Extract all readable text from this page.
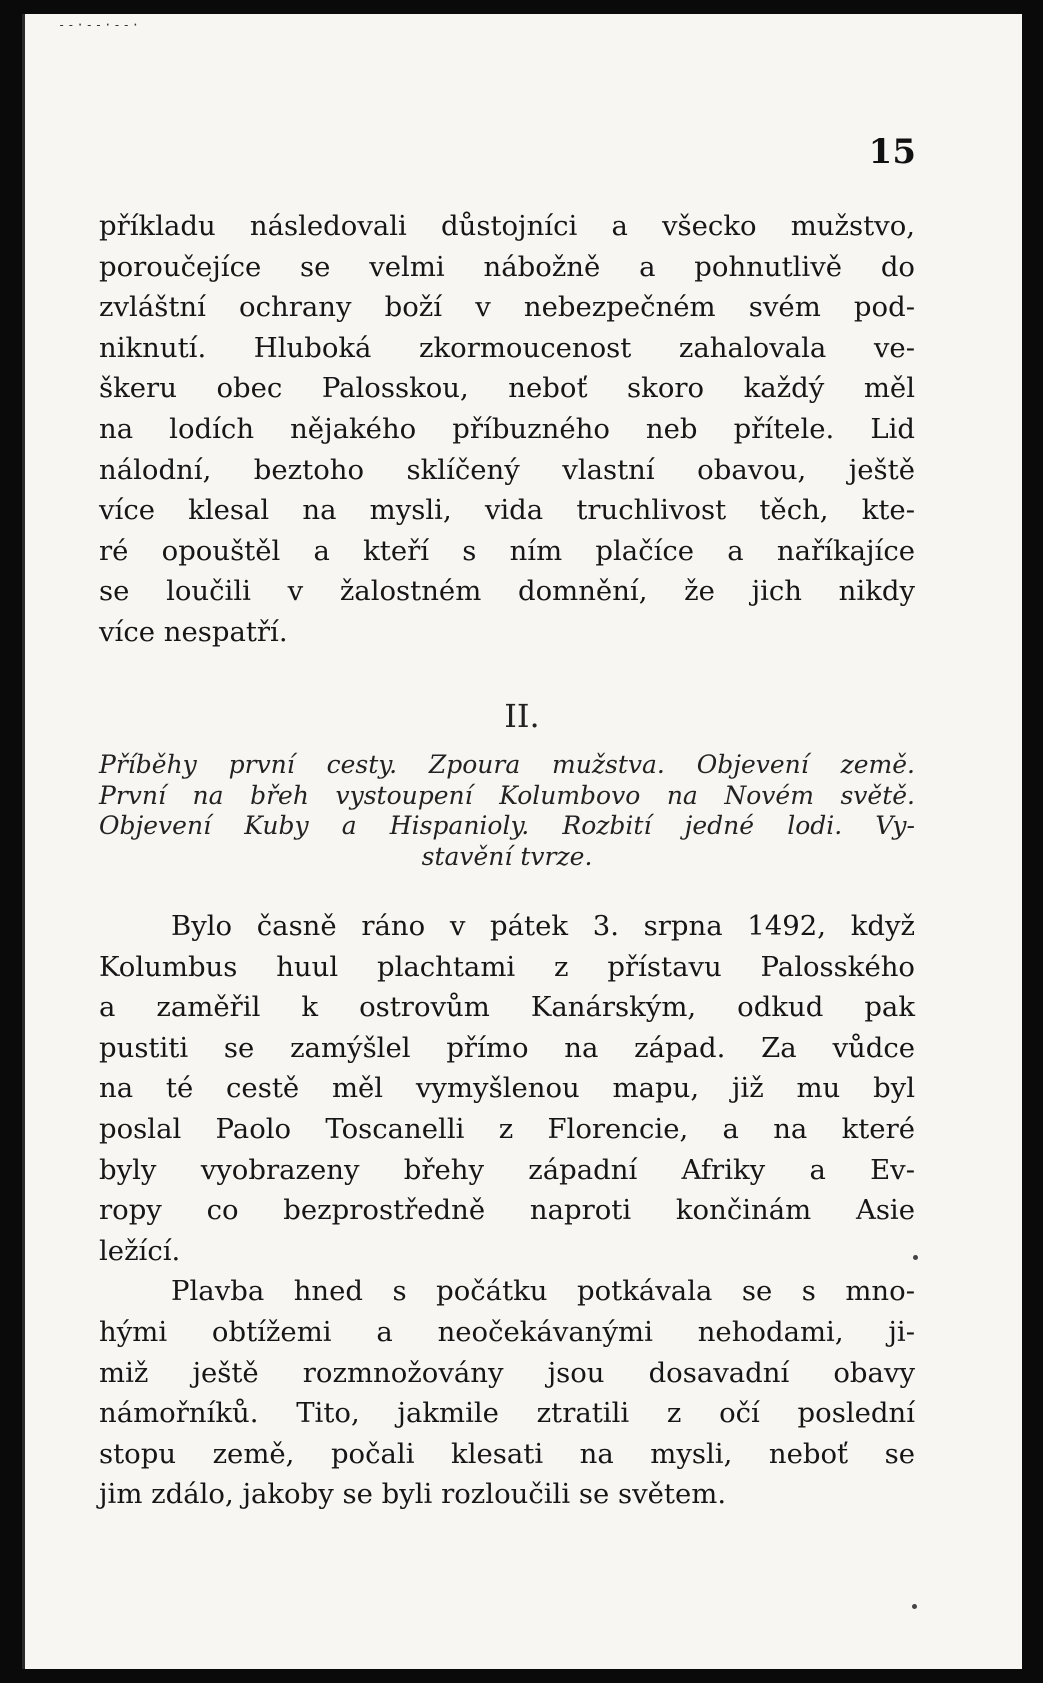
--·--·--·
15
příkladu následovali důstojníci a všecko mužstvo,
poroučejíce se velmi nábožně a pohnutlivě do
zvláštní ochrany boží v nebezpečném svém pod-
niknutí. Hluboká zkormoucenost zahalovala ve-
škeru obec Palosskou, neboť skoro každý měl
na lodích nějakého příbuzného neb přítele. Lid
nálodní, beztoho sklíčený vlastní obavou, ještě
více klesal na mysli, vida truchlivost těch, kte-
ré opouštěl a kteří s ním plačíce a naříkajíce
se loučili v žalostném domnění, že jich nikdy
více nespatří.
II.
Příběhy první cesty. Zpoura mužstva. Objevení země.
První na břeh vystoupení Kolumbovo na Novém světě.
Objevení Kuby a Hispanioly. Rozbití jedné lodi. Vy-
stavění tvrze.
Bylo časně ráno v pátek 3. srpna 1492, když
Kolumbus huul plachtami z přístavu Palosského
a zaměřil k ostrovům Kanárským, odkud pak
pustiti se zamýšlel přímo na západ. Za vůdce
na té cestě měl vymyšlenou mapu, již mu byl
poslal Paolo Toscanelli z Florencie, a na které
byly vyobrazeny břehy západní Afriky a Ev-
ropy co bezprostředně naproti končinám Asie
ležící.
Plavba hned s počátku potkávala se s mno-
hými obtížemi a neočekávanými nehodami, ji-
miž ještě rozmnožovány jsou dosavadní obavy
námořníků. Tito, jakmile ztratili z očí poslední
stopu země, počali klesati na mysli, neboť se
jim zdálo, jakoby se byli rozloučili se světem.
